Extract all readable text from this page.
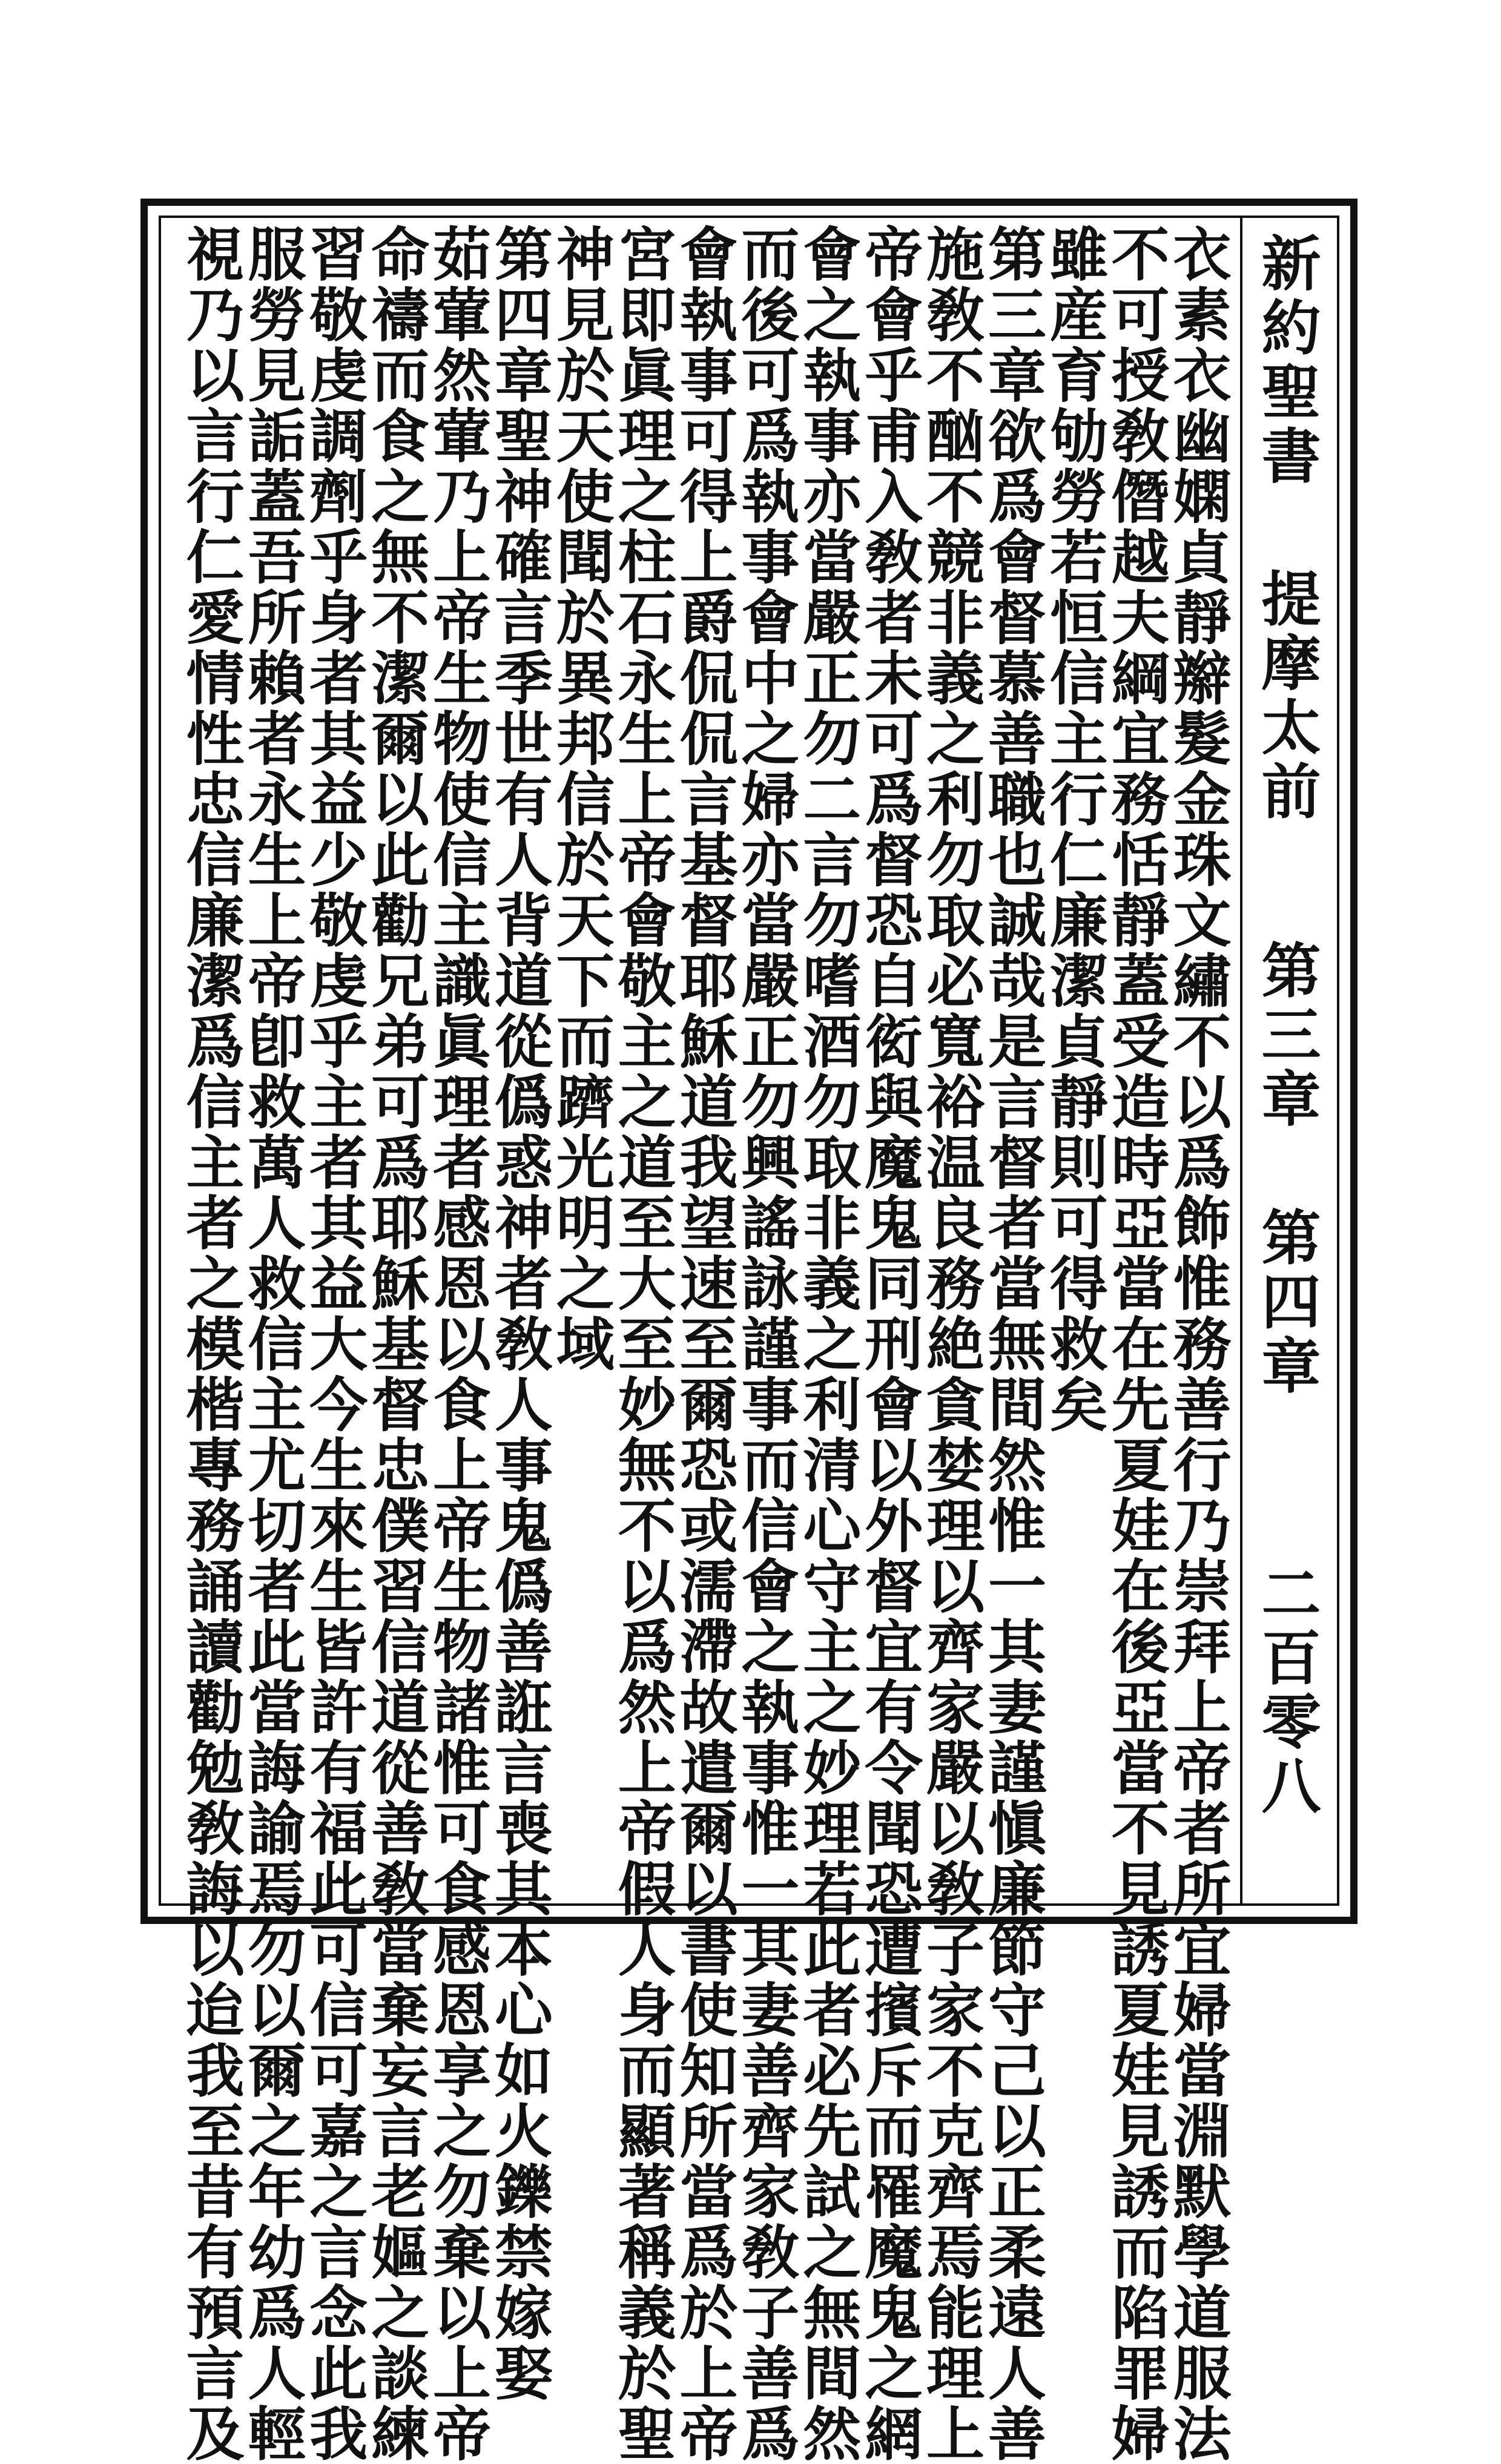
新約聖書
提摩太前
第三章 第四章
二百零八
衣素衣幽嫻貞靜辮髮金珠文繡不以爲飾惟務善行乃崇拜上帝者所宜婦當淵默學道服法
不可授敎僭越夫綱宜務恬靜蓋受造時亞當在先夏娃在後亞當不見誘夏娃見誘而陷罪婦
雖産育劬勞若恒信主行仁廉潔貞靜則可得救矣
第三章欲爲會督慕善職也誠哉是言督者當無間然惟一其妻謹愼廉節守己以正柔遠人善
施敎不酗不競非義之利勿取必寬裕温良務絶貪婪理以齊家嚴以敎子家不克齊焉能理上
帝會乎甫入敎者未可爲督恐自衒與魔鬼同刑會以外督宜有令聞恐遭擯斥而罹魔鬼之網
會之執事亦當嚴正勿二言勿嗜酒勿取非義之利清心守主之妙理若此者必先試之無間然
而後可爲執事會中之婦亦當嚴正勿興謠詠謹事而信會之執事惟一其妻善齊家敎子善爲
會執事可得上爵侃侃言基督耶穌道我望速至爾恐或濡滯故遣爾以書使知所當爲於上帝
宮即眞理之柱石永生上帝會敬主之道至大至妙無不以爲然上帝假人身而顯著稱義於聖
神見於天使聞於異邦信於天下而躋光明之域
第四章聖神確言季世有人背道從僞惑神者敎人事鬼僞善誑言喪其本心如火鑠禁嫁娶
茹葷然葷乃上帝生物使信主識眞理者感恩以食上帝生物諸惟可食感恩享之勿棄以上帝
命禱而食之無不潔爾以此勸兄弟可爲耶穌基督忠僕習信道從善敎當棄妄言老嫗之談練
習敬虔調劑乎身者其益少敬虔乎主者其益大今生來生皆許有福此可信可嘉之言念此我
服勞見詬蓋吾所賴者永生上帝卽救萬人救信主尤切者此當誨諭焉勿以爾之年幼爲人輕
視乃以言行仁愛情性忠信廉潔爲信主者之模楷專務誦讀勸勉敎誨以迨我至昔有預言及
